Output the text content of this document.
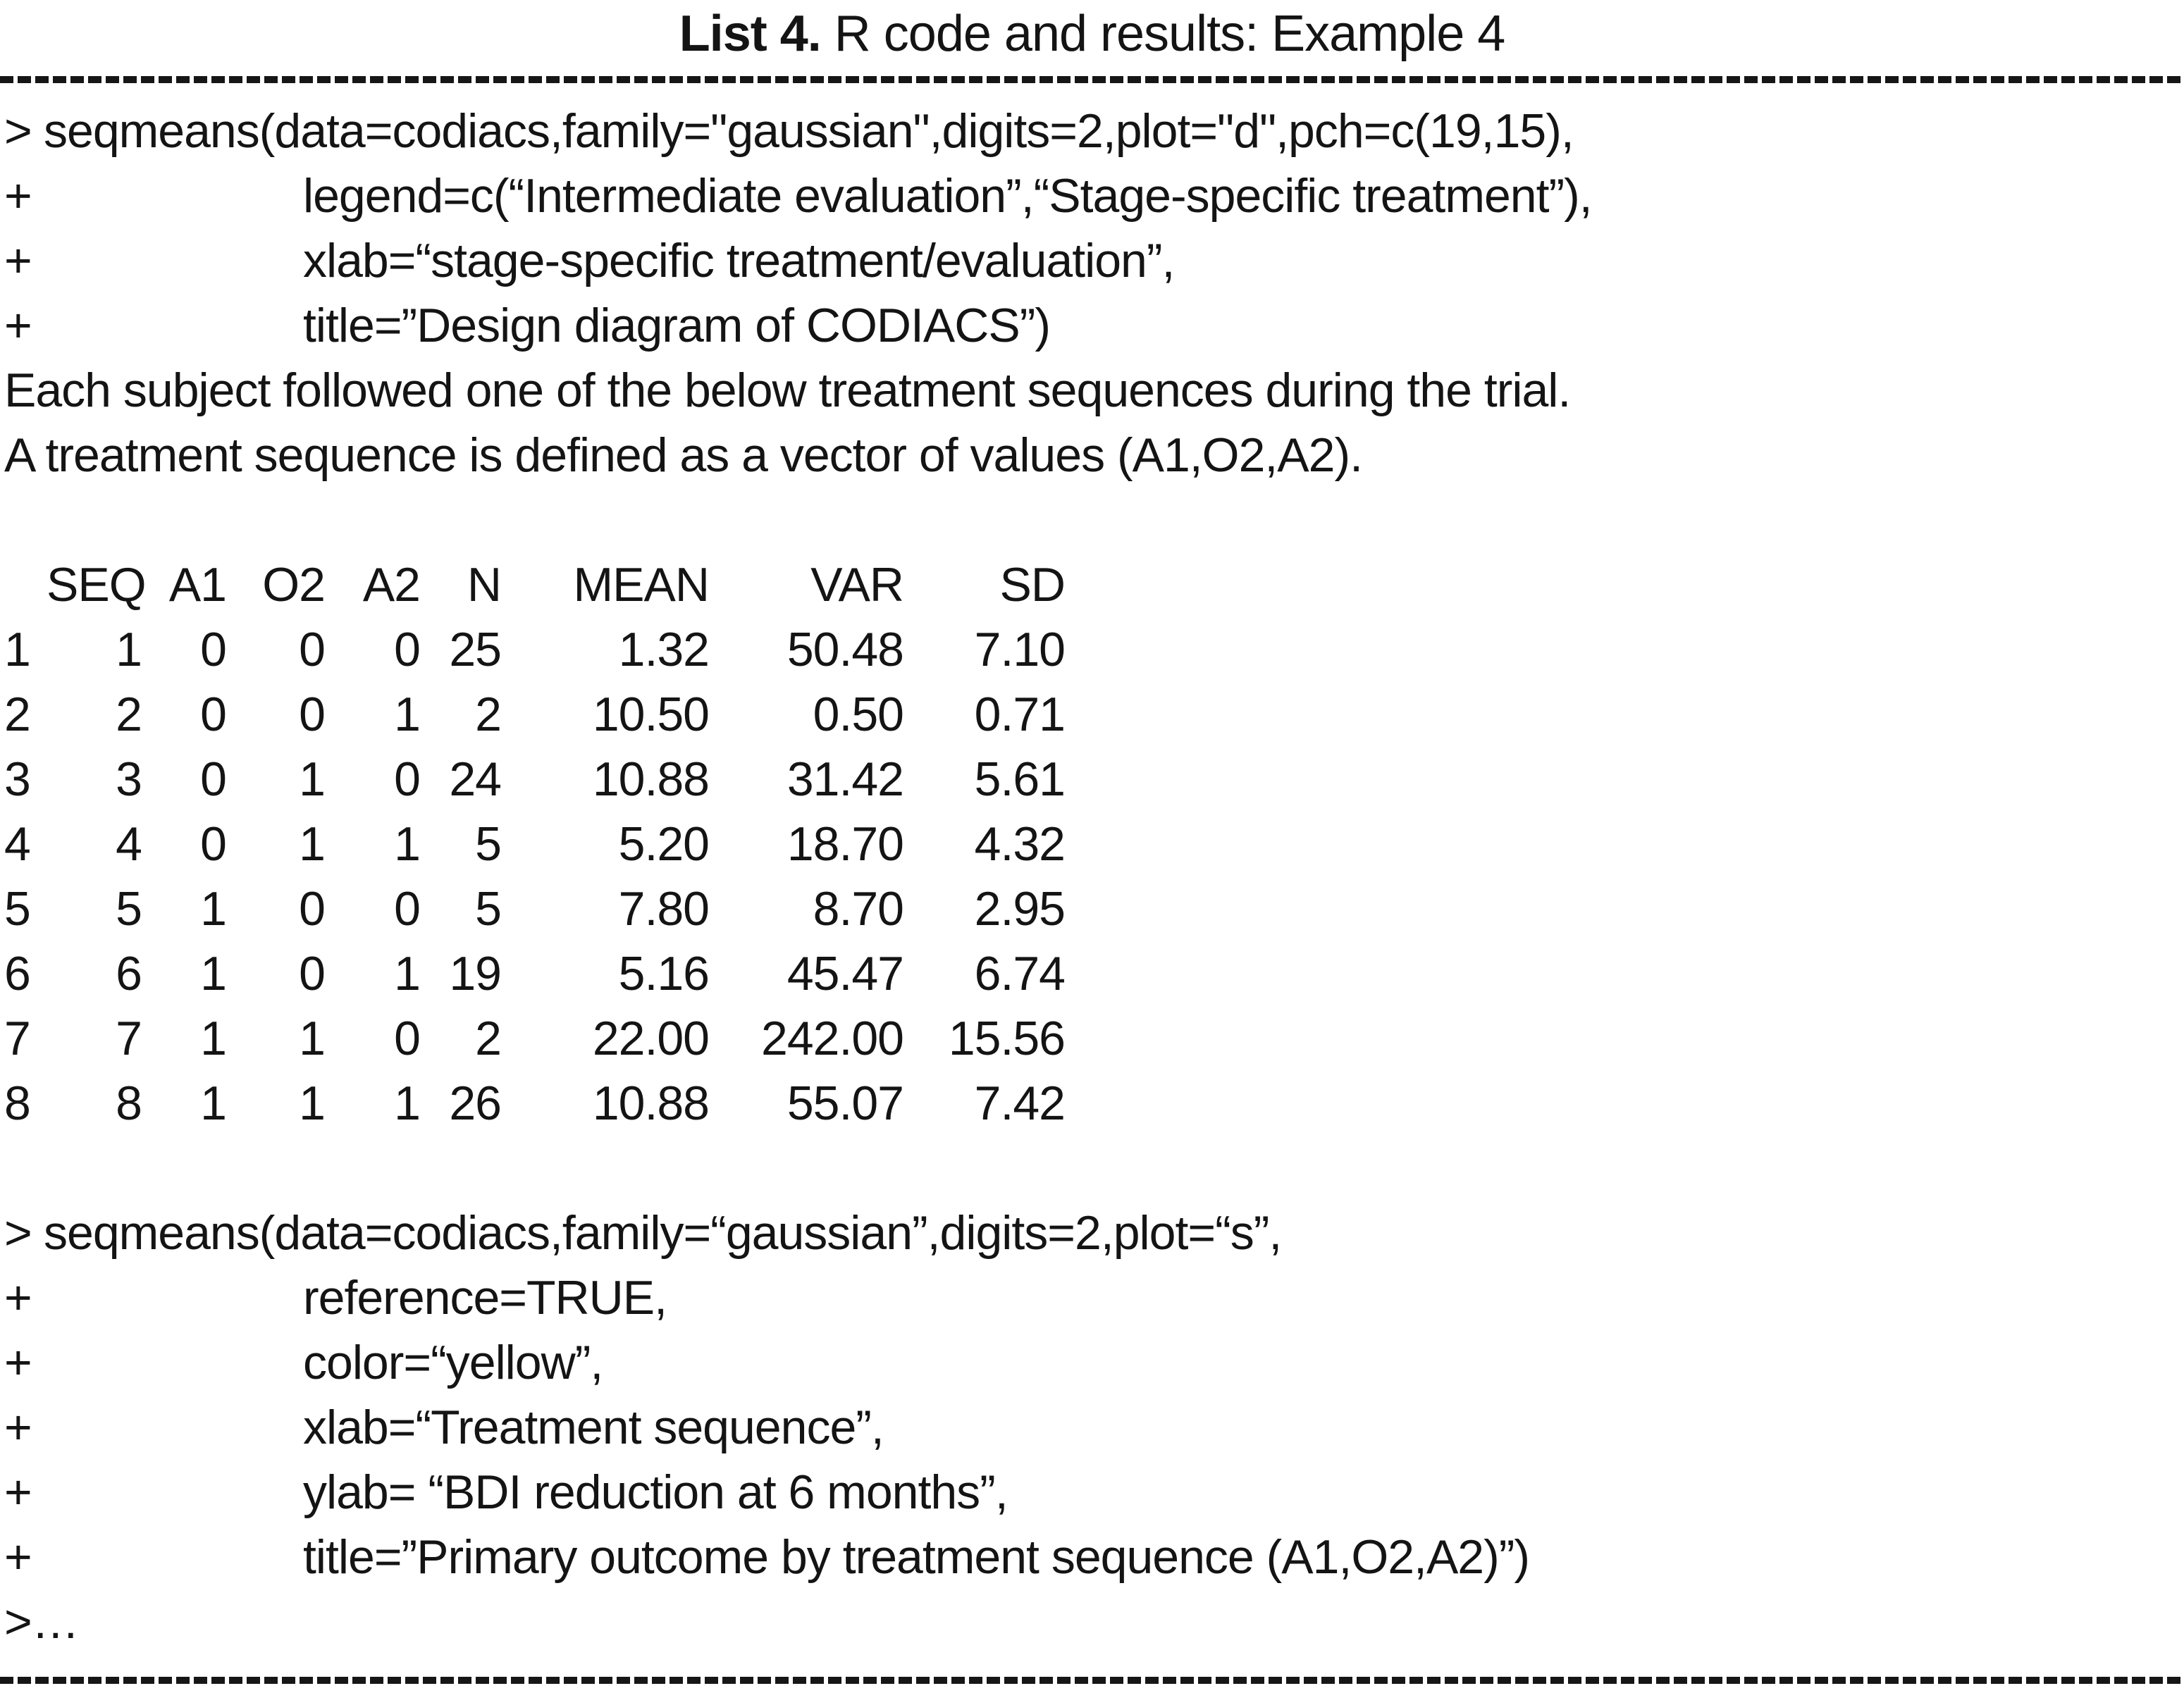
List 4. R code and results: Example 4
> seqmeans(data=codiacs,family="gaussian",digits=2,plot="d",pch=c(19,15),
+	legend=c(“Intermediate evaluation”,“Stage-specific treatment”),
+	xlab=“stage-specific treatment/evaluation”,
+	title=”Design diagram of CODIACS”)
Each subject followed one of the below treatment sequences during the trial.
A treatment sequence is defined as a vector of values (A1,O2,A2).
SEQ A1 O2 A2 N	MEAN	VAR	SD
1	1	0	0	0 25	1.32	50.48	7.10
2	2	0	0	1	2	10.50	0.50	0.71
3	3	0	1	0 24	10.88	31.42	5.61
4	4	0	1	1	5	5.20	18.70	4.32
5	5	1	0	0	5	7.80	8.70	2.95
6	6	1	0	1 19	5.16	45.47	6.74
7	7	1	1	0	2	22.00	242.00 15.56
8	8	1	1	1 26	10.88	55.07	7.42
> seqmeans(data=codiacs,family=“gaussian”,digits=2,plot=“s”,
+	reference=TRUE,
+	color=“yellow”,
+	xlab=“Treatment sequence”,
+	ylab= “BDI reduction at 6 months”,
+	title=”Primary outcome by treatment sequence (A1,O2,A2)”)
>…
